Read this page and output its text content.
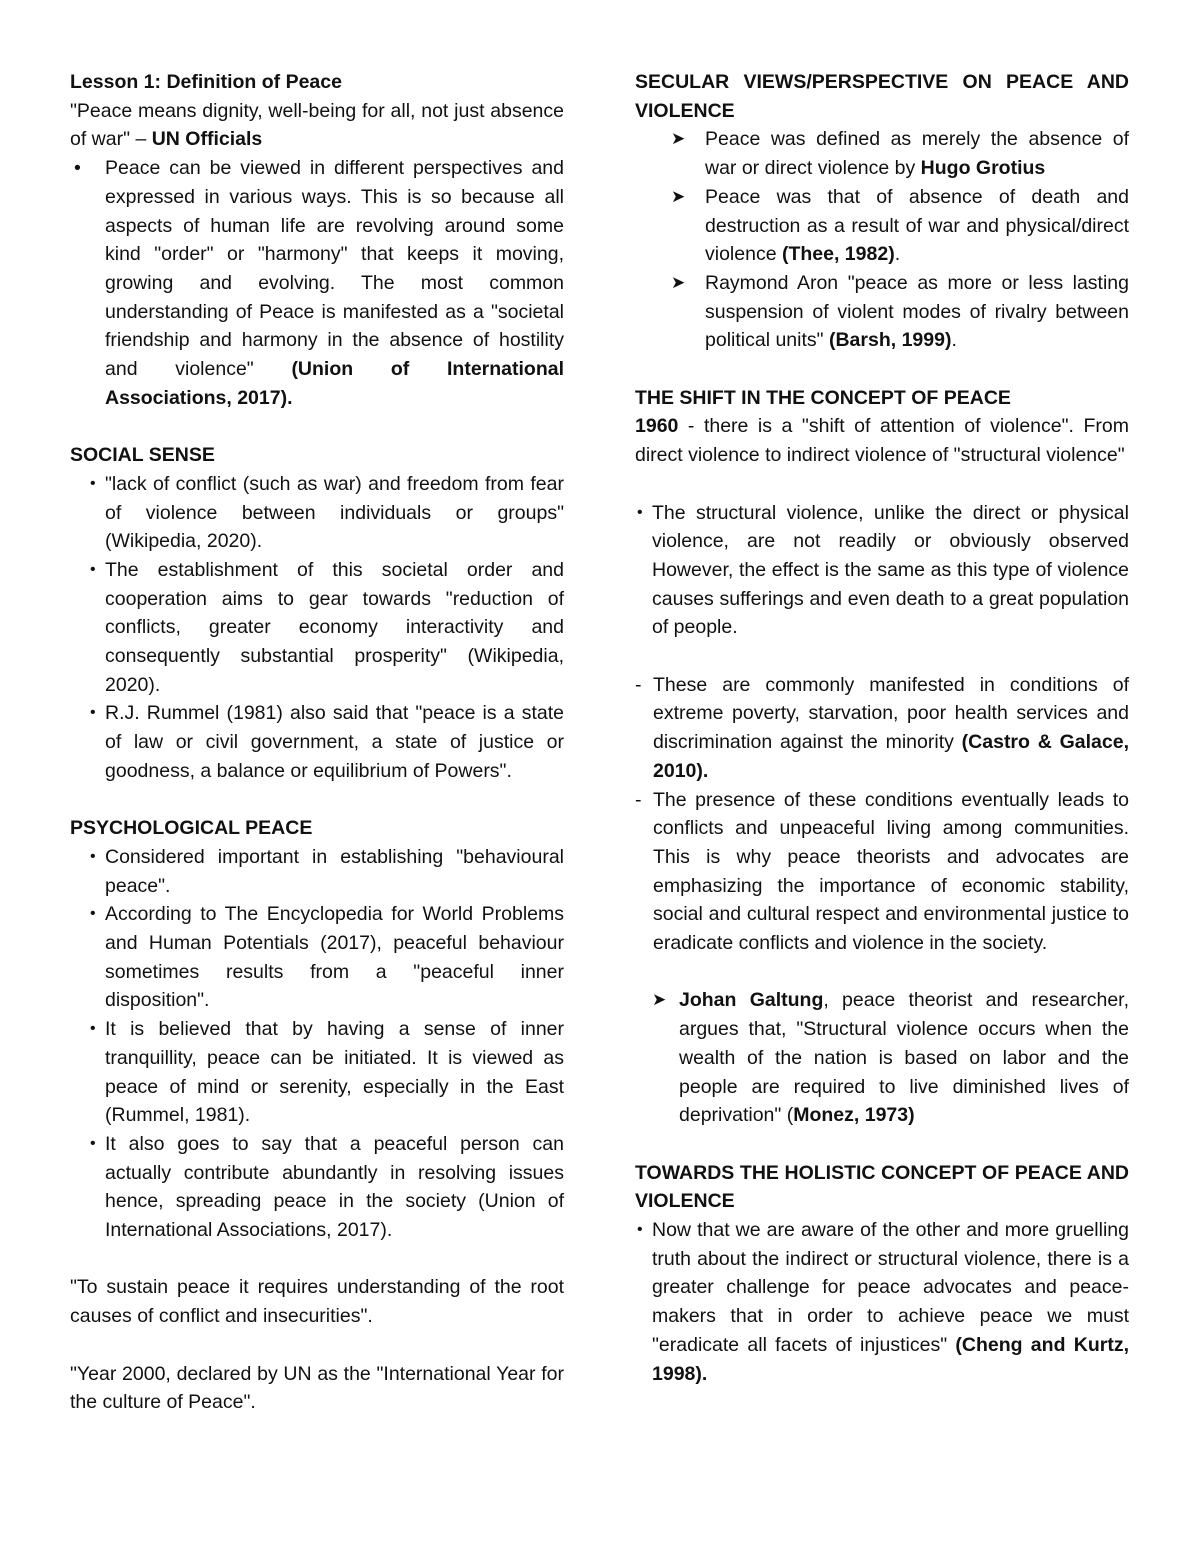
Lesson 1: Definition of Peace

"Peace means dignity, well-being for all, not just absence of war" – UN Officials

• Peace can be viewed in different perspectives and expressed in various ways. This is so because all aspects of human life are revolving around some kind "order" or "harmony" that keeps it moving, growing and evolving. The most common understanding of Peace is manifested as a "societal friendship and harmony in the absence of hostility and violence" (Union of International Associations, 2017).

SOCIAL SENSE

• "lack of conflict (such as war) and freedom from fear of violence between individuals or groups" (Wikipedia, 2020).
• The establishment of this societal order and cooperation aims to gear towards "reduction of conflicts, greater economy interactivity and consequently substantial prosperity" (Wikipedia, 2020).
• R.J. Rummel (1981) also said that "peace is a state of law or civil government, a state of justice or goodness, a balance or equilibrium of Powers".

PSYCHOLOGICAL PEACE

• Considered important in establishing "behavioural peace".
• According to The Encyclopedia for World Problems and Human Potentials (2017), peaceful behaviour sometimes results from a "peaceful inner disposition".
• It is believed that by having a sense of inner tranquillity, peace can be initiated. It is viewed as peace of mind or serenity, especially in the East (Rummel, 1981).
• It also goes to say that a peaceful person can actually contribute abundantly in resolving issues hence, spreading peace in the society (Union of International Associations, 2017).

"To sustain peace it requires understanding of the root causes of conflict and insecurities".

"Year 2000, declared by UN as the "International Year for the culture of Peace".

SECULAR VIEWS/PERSPECTIVE ON PEACE AND VIOLENCE

➤ Peace was defined as merely the absence of war or direct violence by Hugo Grotius
➤ Peace was that of absence of death and destruction as a result of war and physical/direct violence (Thee, 1982).
➤ Raymond Aron "peace as more or less lasting suspension of violent modes of rivalry between political units" (Barsh, 1999).

THE SHIFT IN THE CONCEPT OF PEACE

1960 - there is a "shift of attention of violence". From direct violence to indirect violence of "structural violence"

• The structural violence, unlike the direct or physical violence, are not readily or obviously observed However, the effect is the same as this type of violence causes sufferings and even death to a great population of people.
- These are commonly manifested in conditions of extreme poverty, starvation, poor health services and discrimination against the minority (Castro & Galace, 2010).
- The presence of these conditions eventually leads to conflicts and unpeaceful living among communities. This is why peace theorists and advocates are emphasizing the importance of economic stability, social and cultural respect and environmental justice to eradicate conflicts and violence in the society.
➤ Johan Galtung, peace theorist and researcher, argues that, "Structural violence occurs when the wealth of the nation is based on labor and the people are required to live diminished lives of deprivation" (Monez, 1973)

TOWARDS THE HOLISTIC CONCEPT OF PEACE AND VIOLENCE

• Now that we are aware of the other and more gruelling truth about the indirect or structural violence, there is a greater challenge for peace advocates and peace-makers that in order to achieve peace we must "eradicate all facets of injustices" (Cheng and Kurtz, 1998).
